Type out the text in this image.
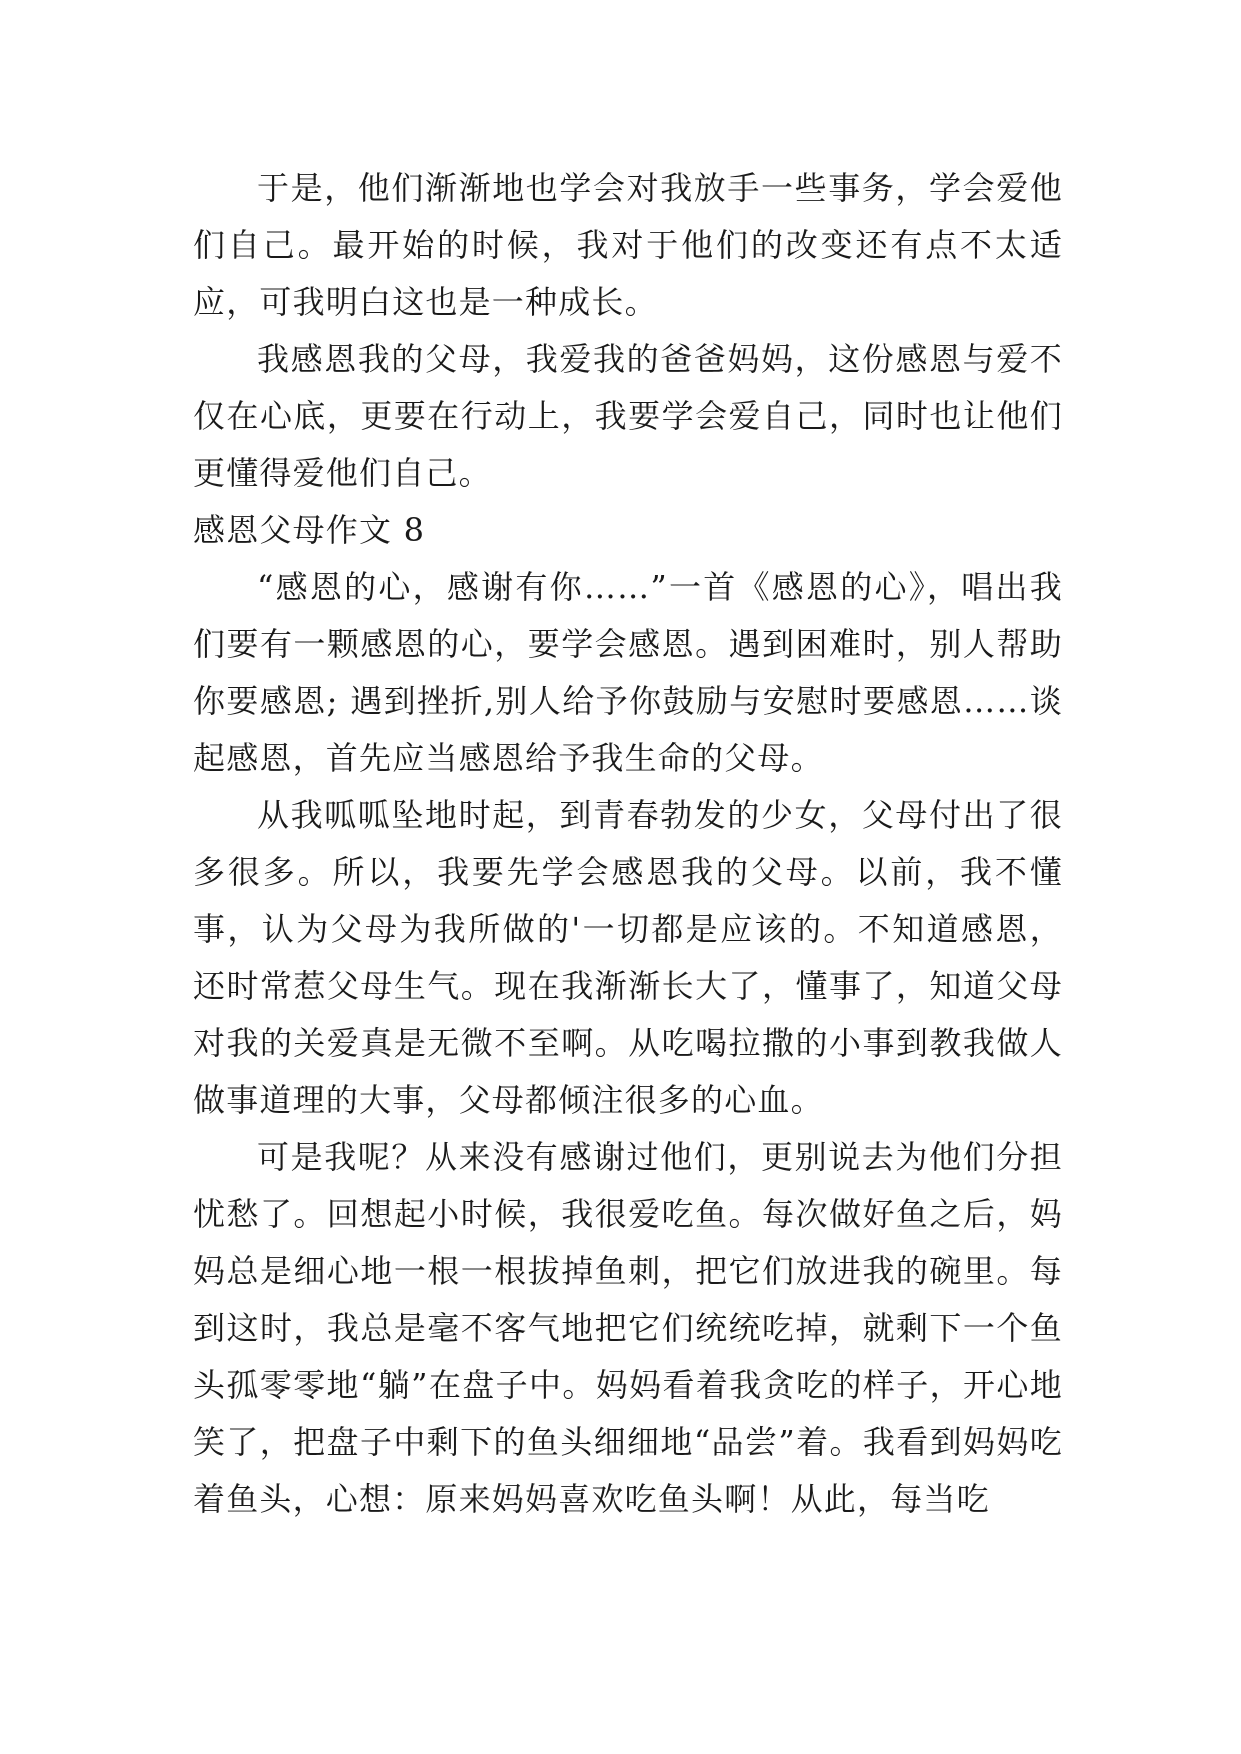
于是，他们渐渐地也学会对我放手一些事务，学会爱他们自己。最开始的时候，我对于他们的改变还有点不太适应，可我明白这也是一种成长。

我感恩我的父母，我爱我的爸爸妈妈，这份感恩与爱不仅在心底，更要在行动上，我要学会爱自己，同时也让他们更懂得爱他们自己。

感恩父母作文 8

“感恩的心，感谢有你……”一首《感恩的心》，唱出我们要有一颗感恩的心，要学会感恩。遇到困难时，别人帮助你要感恩; 遇到挫折,别人给予你鼓励与安慰时要感恩……谈起感恩，首先应当感恩给予我生命的父母。

从我呱呱坠地时起，到青春勃发的少女，父母付出了很多很多。所以，我要先学会感恩我的父母。以前，我不懂事，认为父母为我所做的'一切都是应该的。不知道感恩，还时常惹父母生气。现在我渐渐长大了，懂事了，知道父母对我的关爱真是无微不至啊。从吃喝拉撒的小事到教我做人做事道理的大事，父母都倾注很多的心血。

可是我呢？从来没有感谢过他们，更别说去为他们分担忧愁了。回想起小时候，我很爱吃鱼。每次做好鱼之后，妈妈总是细心地一根一根拔掉鱼刺，把它们放进我的碗里。每到这时，我总是毫不客气地把它们统统吃掉，就剩下一个鱼头孤零零地“躺”在盘子中。妈妈看着我贪吃的样子，开心地笑了，把盘子中剩下的鱼头细细地“品尝”着。我看到妈妈吃着鱼头，心想：原来妈妈喜欢吃鱼头啊！从此，每当吃
